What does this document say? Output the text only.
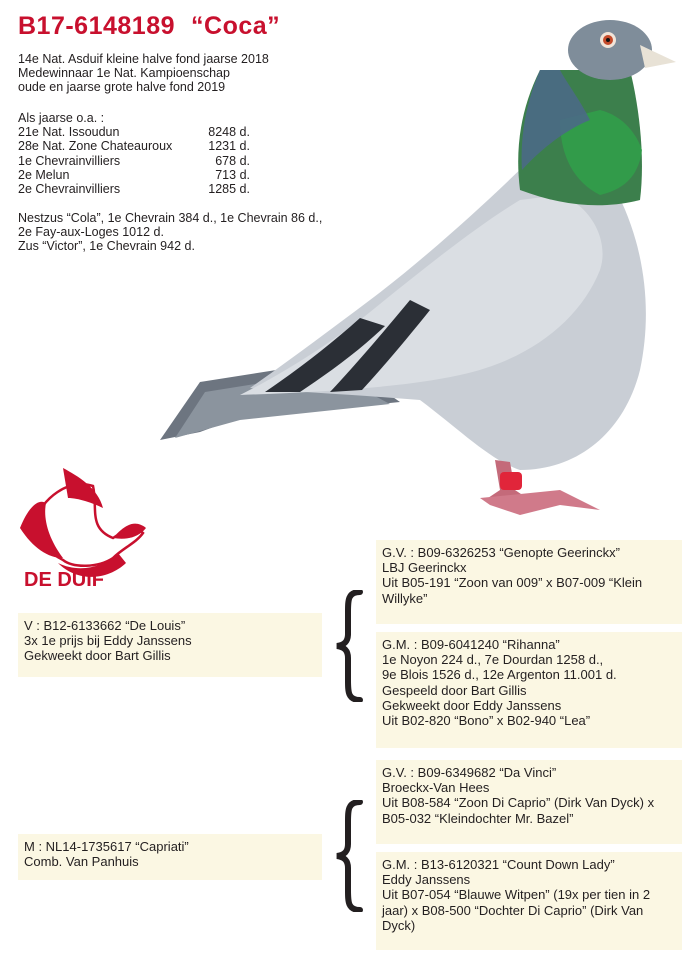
B17-6148189 “Coca”
14e Nat. Asduif kleine halve fond jaarse 2018
Medewinnaar 1e Nat. Kampioenschap
oude en jaarse grote halve fond 2019
Als jaarse o.a. :
21e Nat. Issoudun	8248 d.
28e Nat. Zone Chateauroux	1231 d.
1e Chevrainvilliers	678 d.
2e Melun	713 d.
2e Chevrainvilliers	1285 d.
Nestzus “Cola”, 1e Chevrain 384 d., 1e Chevrain 86 d.,
2e Fay-aux-Loges 1012 d.
Zus “Victor”, 1e Chevrain 942 d.
DE DUIF
V : B12-6133662 “De Louis”
3x 1e prijs bij Eddy Janssens
Gekweekt door Bart Gillis
M : NL14-1735617 “Capriati”
Comb. Van Panhuis
G.V. : B09-6326253 “Genopte Geerinckx”
LBJ Geerinckx
Uit B05-191 “Zoon van 009” x B07-009 “Klein
Willyke”
G.M. : B09-6041240 “Rihanna”
1e Noyon 224 d., 7e Dourdan 1258 d.,
9e Blois 1526 d., 12e Argenton 11.001 d.
Gespeeld door Bart Gillis
Gekweekt door Eddy Janssens
Uit B02-820 “Bono” x B02-940 “Lea”
G.V. : B09-6349682 “Da Vinci”
Broeckx-Van Hees
Uit B08-584 “Zoon Di Caprio” (Dirk Van Dyck) x
B05-032 “Kleindochter Mr. Bazel”
G.M. : B13-6120321 “Count Down Lady”
Eddy Janssens
Uit B07-054 “Blauwe Witpen” (19x per tien in 2
jaar) x B08-500 “Dochter Di Caprio” (Dirk Van
Dyck)
